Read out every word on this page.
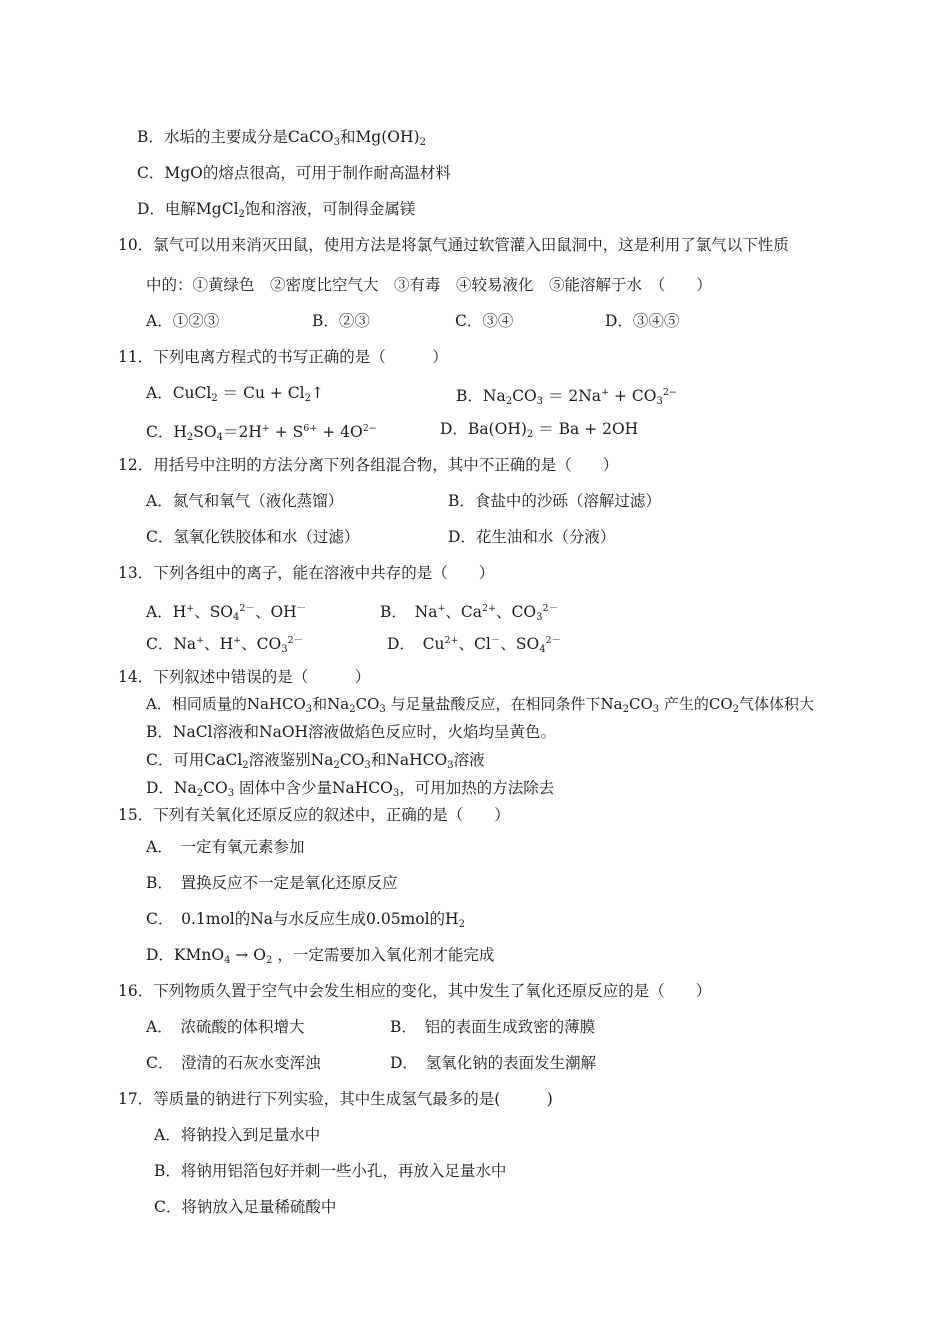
B．水垢的主要成分是CaCO$_3$和$Mg(OH)_2$
C．MgO的熔点很高，可用于制作耐高温材料
D．电解MgCl$_2$饱和溶液，可制得金属镁
10．氯气可以用来消灭田鼠，使用方法是将氯气通过软管灌入田鼠洞中，这是利用了氯气以下性质
中的：①黄绿色　②密度比空气大　③有毒　④较易液化　⑤能溶解于水　（　　）
A．①②③	B．②③	C．③④	D．③④⑤
11．下列电离方程式的书写正确的是（　　　）
A．CuCl$_2$ ＝ $Cu + Cl_2↑$	B．$Na_2CO_3 = 2Na^+ + CO_3^{2-}$
C．$H_2SO_4=2H^+ + S^{6+} + 4O^{2-}$	D．$Ba(OH)_2 = Ba + 2OH$
12．用括号中注明的方法分离下列各组混合物，其中不正确的是（　　）
A．氮气和氧气（液化蒸馏）	B．食盐中的沙砾（溶解过滤）
C．氢氧化铁胶体和水（过滤）	D．花生油和水（分液）
13．下列各组中的离子，能在溶液中共存的是（　　）
A．H+、$SO_4^{2-}$、OH－	B．　Na+、$Ca^{2+}$、$CO_3^{2-}$
C．Na+、H+、$CO_3^{2-}$	D．　$Cu^{2+}$、Cl－、$SO_4^{2-}$
14．下列叙述中错误的是（　　　）
A．相同质量的NaHCO$_3$和$Na_2CO_3$ 与足量盐酸反应，在相同条件下$Na_2CO_3$ 产生的$CO_2$气体体积大
B．NaCl溶液和NaOH溶液做焰色反应时，火焰均呈黄色。
C．可用CaCl$_2$溶液鉴别$Na_2CO_3$和NaHCO$_3$溶液
D．$Na_2CO_3$ 固体中含少量NaHCO$_3$，可用加热的方法除去
15．下列有关氧化还原反应的叙述中，正确的是（　　）
A．　一定有氧元素参加
B．　置换反应不一定是氧化还原反应
C．　0.1mol的Na与水反应生成0.05mol的$H_2$
D．KMnO$_4$ → $O_2$ ，一定需要加入氧化剂才能完成
16．下列物质久置于空气中会发生相应的变化，其中发生了氧化还原反应的是（　　）
A．　浓硫酸的体积增大	B．　铝的表面生成致密的薄膜
C．　澄清的石灰水变浑浊	D．　氢氧化钠的表面发生潮解
17．等质量的钠进行下列实验，其中生成氢气最多的是(　　　)
A．将钠投入到足量水中
B．将钠用铝箔包好并刺一些小孔，再放入足量水中
C．将钠放入足量稀硫酸中
